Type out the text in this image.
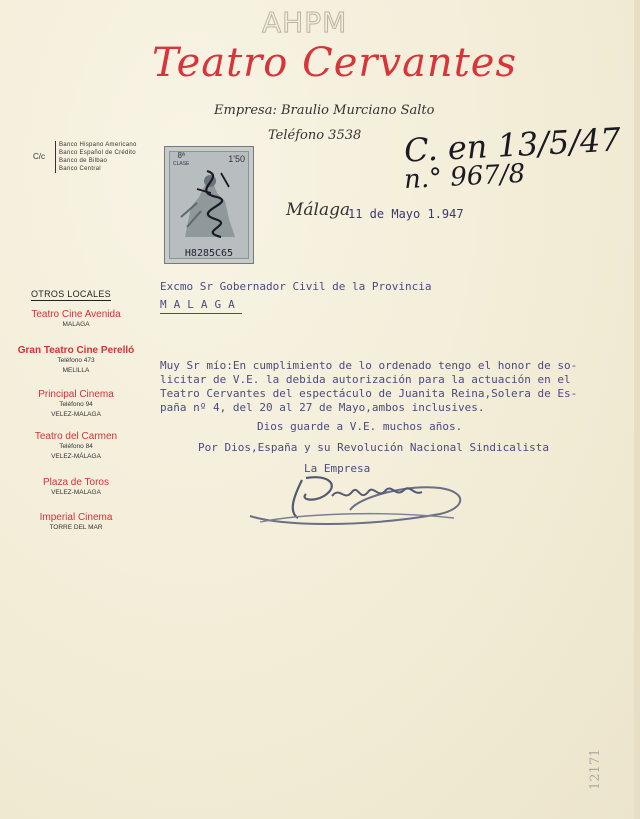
AHPM
Teatro Cervantes
Empresa: Braulio Murciano Salto
Teléfono 3538
C/c
Banco Hispano Americano
Banco Español de Crédito
Banco de Bilbao
Banco Central
8ª
CLASE	1'50
H8285C65
C. en 13/5/47
n.° 967/8
Málaga
11 de Mayo 1.947
Excmo Sr Gobernador Civil de la Provincia
MALAGA

Muy Sr mío:En cumplimiento de lo ordenado tengo el honor de so-

licitar de V.E. la debida autorización para la actuación en el

Teatro Cervantes del espectáculo de Juanita Reina,Solera de Es-

paña nº 4, del 20 al 27 de Mayo,ambos inclusives.

Dios guarde a V.E. muchos años.

Por Dios,España y su Revolución Nacional Sindicalista

La Empresa

OTROS LOCALES
Teatro Cine Avenida
MALAGA
Gran Teatro Cine Perelló
Teléfono 473
MELILLA
Principal Cinema
Teléfono 94
VELEZ-MALAGA
Teatro del Carmen
Teléfono 84
VELEZ-MÁLAGA
Plaza de Toros
VELEZ-MALAGA
Imperial Cinema
TORRE DEL MAR
12171
